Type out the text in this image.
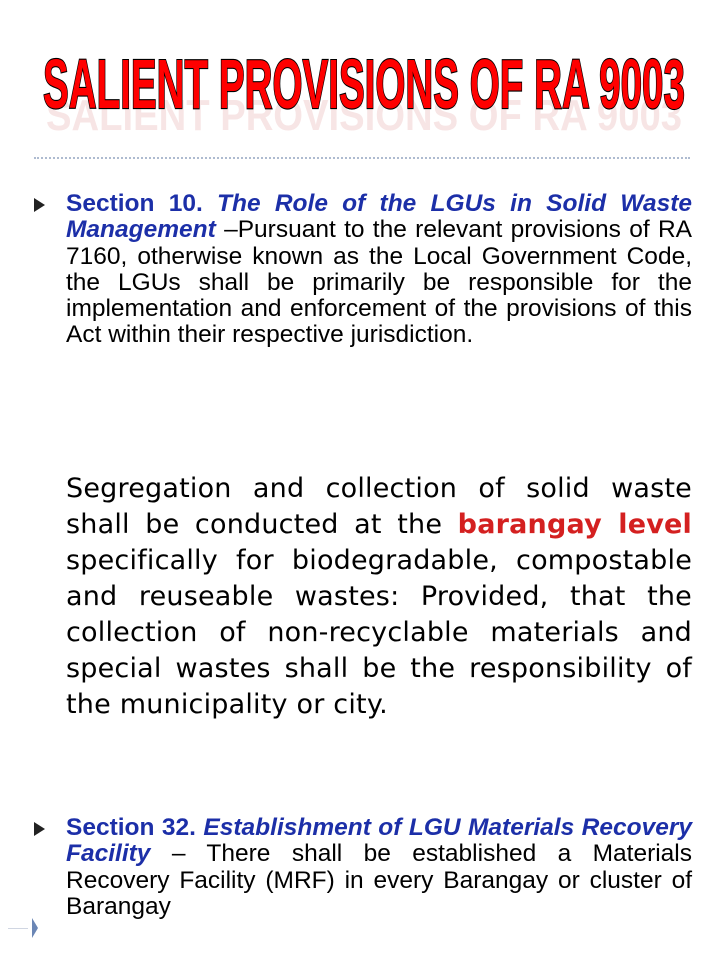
SALIENT PROVISIONS OF RA 9003
SALIENT PROVISIONS OF RA 9003
Section 10. The Role of the LGUs in Solid Waste Management –Pursuant to the relevant provisions of RA 7160, otherwise known as the Local Government Code, the LGUs shall be primarily be responsible for the implementation and enforcement of the provisions of this Act within their respective jurisdiction.
Segregation and collection of solid waste shall be conducted at the barangay level specifically for biodegradable, compostable and reuseable wastes: Provided, that the collection of non-recyclable materials and special wastes shall be the responsibility of the municipality or city.
Section 32. Establishment of LGU Materials Recovery Facility – There shall be established a Materials Recovery Facility (MRF) in every Barangay or cluster of Barangay
